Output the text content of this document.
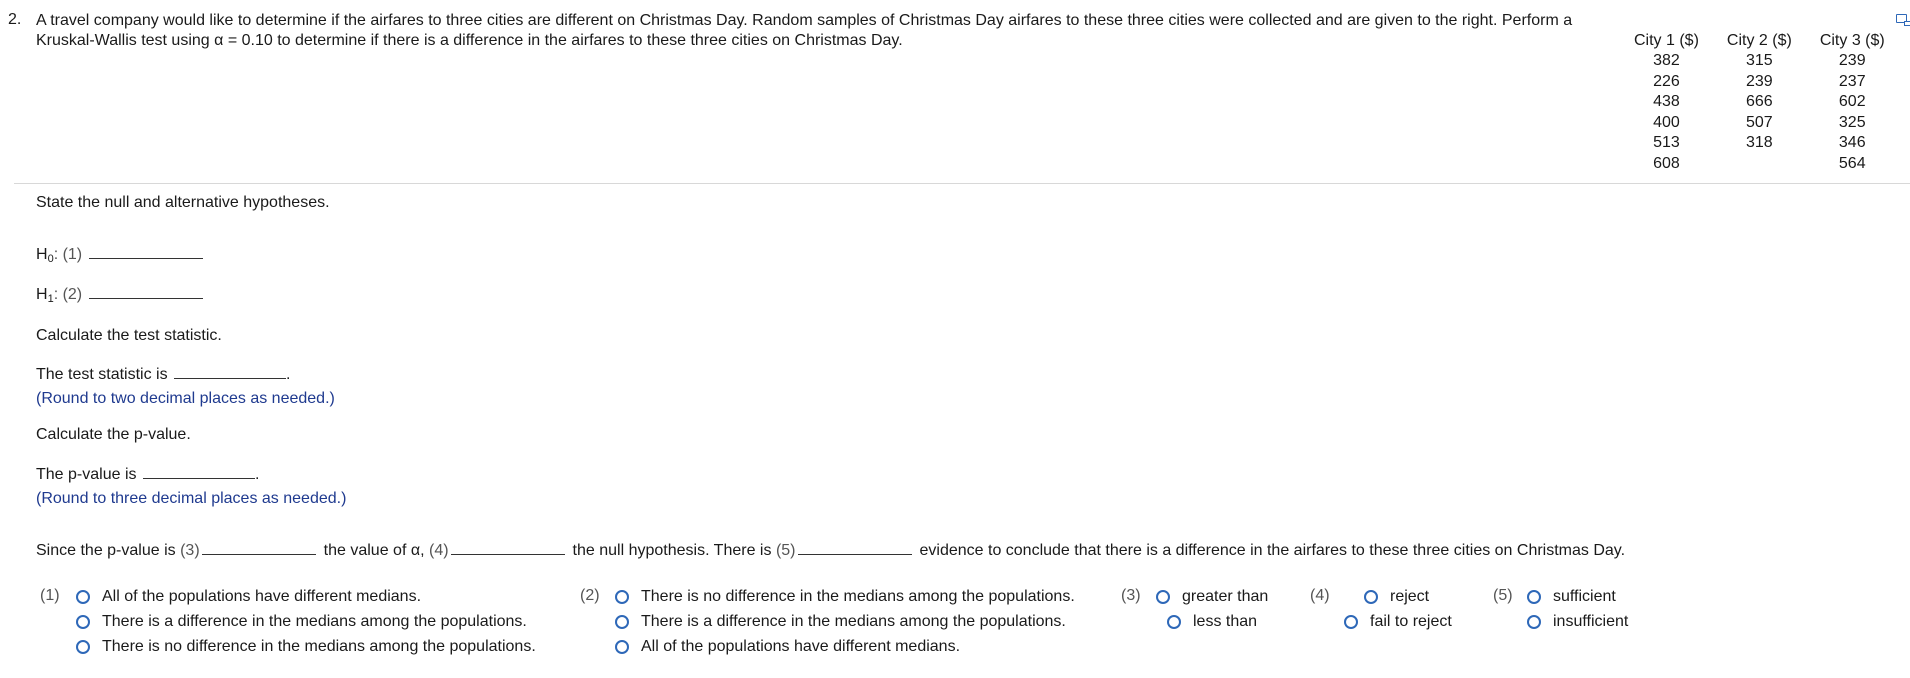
2. A travel company would like to determine if the airfares to three cities are different on Christmas Day. Random samples of Christmas Day airfares to these three cities were collected and are given to the right. Perform a Kruskal-Wallis test using α = 0.10 to determine if there is a difference in the airfares to these three cities on Christmas Day.	City 1 ($)	City 2 ($)	City 3 ($)
382	315	239
226	239	237
438	666	602
400	507	325
513	318	346
608		564
State the null and alternative hypotheses.
$H_0$: (1)
$H_1$: (2)
Calculate the test statistic.
The test statistic is	.
(Round to two decimal places as needed.)
Calculate the p-value.
The p-value is	.
(Round to three decimal places as needed.)
Since the p-value is (3)	the value of α, (4)	the null hypothesis. There is (5)	evidence to conclude that there is a difference in the airfares to these three cities on Christmas Day.
(1)	All of the populations have different medians.
There is a difference in the medians among the populations.
There is no difference in the medians among the populations.
(2)	There is no difference in the medians among the populations.
There is a difference in the medians among the populations.
All of the populations have different medians.
(3)	greater than
less than
(4)	reject
fail to reject
(5)	sufficient
insufficient
